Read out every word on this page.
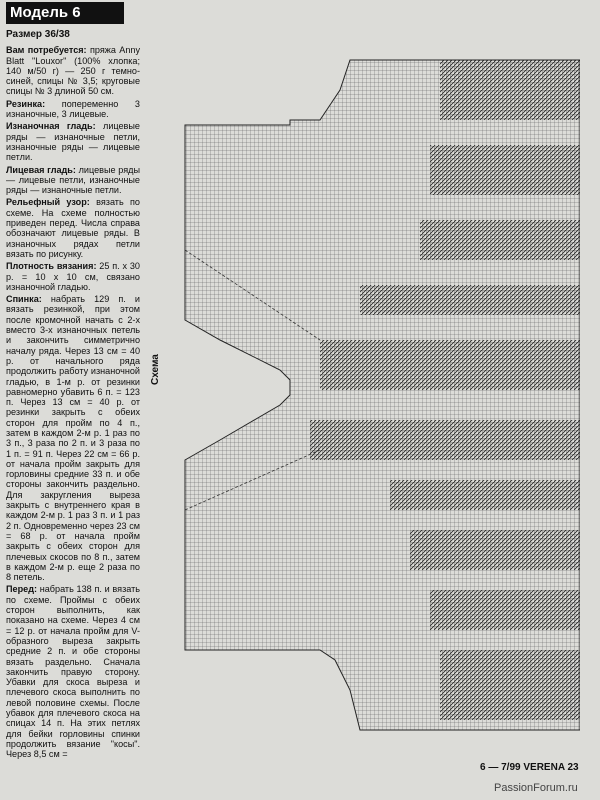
Модель 6
Размер 36/38

Вам потребуется: пряжа Anny Blatt "Louxor" (100% хлопка; 140 м/50 г) — 250 г темно-синей, спицы № 3,5; круговые спицы № 3 длиной 50 см.

Резинка: попеременно 3 изнаночные, 3 лицевые.

Изнаночная гладь: лицевые ряды — изнаночные петли, изнаночные ряды — лицевые петли.

Лицевая гладь: лицевые ряды — лицевые петли, изнаночные ряды — изнаночные петли.

Рельефный узор: вязать по схеме. На схеме полностью приведен перед. Числа справа обозначают лицевые ряды. В изнаночных рядах петли вязать по рисунку.

Плотность вязания: 25 п. х 30 р. = 10 х 10 см, связано изнаночной гладью.

Спинка: набрать 129 п. и вязать резинкой, при этом после кромочной начать с 2-х вместо 3-х изнаночных петель и закончить симметрично началу ряда. Через 13 см = 40 р. от начального ряда продолжить работу изнаночной гладью, в 1-м р. от резинки равномерно убавить 6 п. = 123 п. Через 13 см = 40 р. от резинки закрыть с обеих сторон для пройм по 4 п., затем в каждом 2-м р. 1 раз по 3 п., 3 раза по 2 п. и 3 раза по 1 п. = 91 п. Через 22 см = 66 р. от начала пройм закрыть для горловины средние 33 п. и обе стороны закончить раздельно. Для закругления выреза закрыть с внутреннего края в каждом 2-м р. 1 раз 3 п. и 1 раз 2 п. Одновременно через 23 см = 68 р. от начала пройм закрыть с обеих сторон для плечевых скосов по 8 п., затем в каждом 2-м р. еще 2 раза по 8 петель.

Перед: набрать 138 п. и вязать по схеме. Проймы с обеих сторон выполнить, как показано на схеме. Через 4 см = 12 р. от начала пройм для V-образного выреза закрыть средние 2 п. и обе стороны вязать раздельно. Сначала закончить правую сторону. Убавки для скоса выреза и плечевого скоса выполнить по левой половине схемы. После убавок для плечевого скоса на спицах 14 п. На этих петлях для бейки горловины спинки продолжить вязание "косы". Через 8,5 см =

Схема
6 — 7/99 VERENA 23
PassionForum.ru
